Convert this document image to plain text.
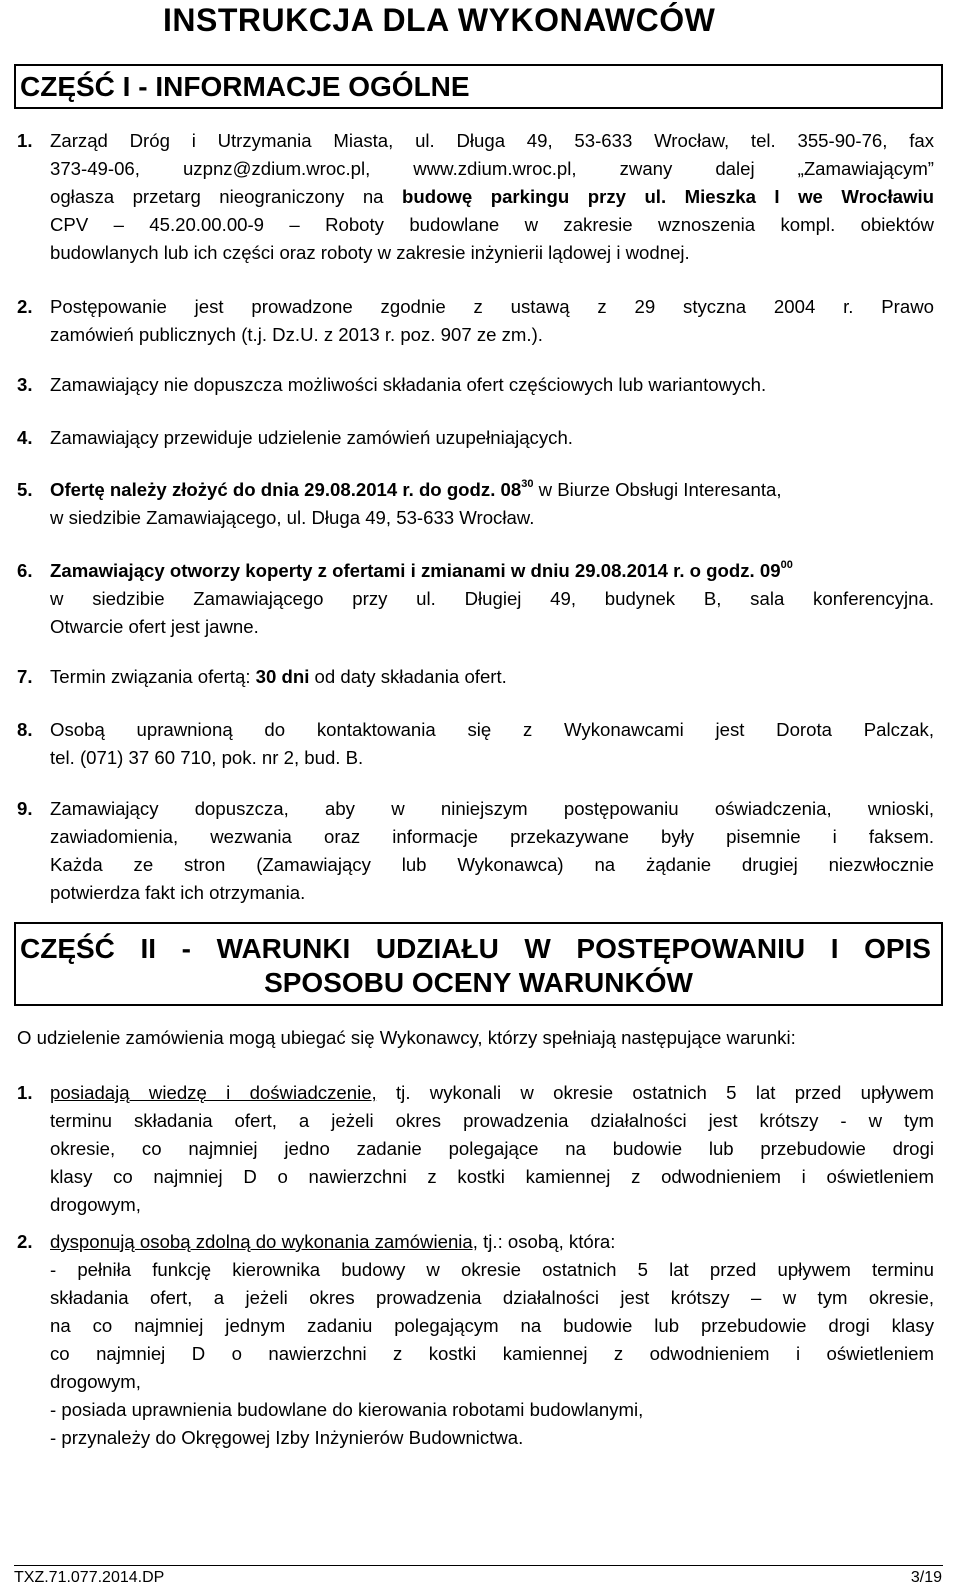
INSTRUKCJA DLA WYKONAWCÓW
CZĘŚĆ I - INFORMACJE OGÓLNE
1. Zarząd Dróg i Utrzymania Miasta, ul. Długa 49, 53-633 Wrocław, tel. 355-90-76, fax
373-49-06, uzpnz@zdium.wroc.pl, www.zdium.wroc.pl, zwany dalej „Zamawiającym”
ogłasza przetarg nieograniczony na budowę parkingu przy ul. Mieszka I we Wrocławiu
CPV – 45.20.00.00-9 – Roboty budowlane w zakresie wznoszenia kompl. obiektów
budowlanych lub ich części oraz roboty w zakresie inżynierii lądowej i wodnej.
2. Postępowanie jest prowadzone zgodnie z ustawą z 29 styczna 2004 r. Prawo
zamówień publicznych (t.j. Dz.U. z 2013 r. poz. 907 ze zm.).
3. Zamawiający nie dopuszcza możliwości składania ofert częściowych lub wariantowych.
4. Zamawiający przewiduje udzielenie zamówień uzupełniających.
5. Ofertę należy złożyć do dnia 29.08.2014 r. do godz. $08^{30}$ w Biurze Obsługi Interesanta,
w siedzibie Zamawiającego, ul. Długa 49, 53-633 Wrocław.
6. Zamawiający otworzy koperty z ofertami i zmianami w dniu 29.08.2014 r. o godz. $09^{00}$
w siedzibie Zamawiającego przy ul. Długiej 49, budynek B, sala konferencyjna.
Otwarcie ofert jest jawne.
7. Termin związania ofertą: 30 dni od daty składania ofert.
8. Osobą uprawnioną do kontaktowania się z Wykonawcami jest Dorota Palczak,
tel. (071) 37 60 710, pok. nr 2, bud. B.
9. Zamawiający dopuszcza, aby w niniejszym postępowaniu oświadczenia, wnioski,
zawiadomienia, wezwania oraz informacje przekazywane były pisemnie i faksem.
Każda ze stron (Zamawiający lub Wykonawca) na żądanie drugiej niezwłocznie
potwierdza fakt ich otrzymania.
CZĘŚĆ II - WARUNKI UDZIAŁU W POSTĘPOWANIU I OPIS
SPOSOBU OCENY WARUNKÓW
O udzielenie zamówienia mogą ubiegać się Wykonawcy, którzy spełniają następujące warunki:
1. posiadają wiedzę i doświadczenie, tj. wykonali w okresie ostatnich 5 lat przed upływem
terminu składania ofert, a jeżeli okres prowadzenia działalności jest krótszy - w tym
okresie, co najmniej jedno zadanie polegające na budowie lub przebudowie drogi
klasy co najmniej D o nawierzchni z kostki kamiennej z odwodnieniem i oświetleniem
drogowym,
2. dysponują osobą zdolną do wykonania zamówienia, tj.: osobą, która:
- pełniła funkcję kierownika budowy w okresie ostatnich 5 lat przed upływem terminu
składania ofert, a jeżeli okres prowadzenia działalności jest krótszy – w tym okresie,
na co najmniej jednym zadaniu polegającym na budowie lub przebudowie drogi klasy
co najmniej D o nawierzchni z kostki kamiennej z odwodnieniem i oświetleniem
drogowym,
- posiada uprawnienia budowlane do kierowania robotami budowlanymi,
- przynależy do Okręgowej Izby Inżynierów Budownictwa.
TXZ.71.077.2014.DP	3/19
